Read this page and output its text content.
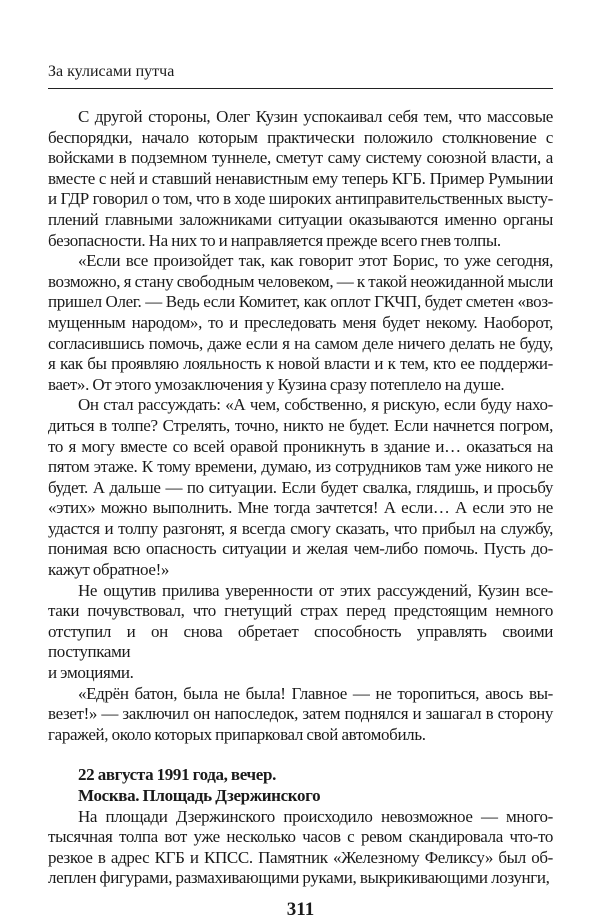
За кулисами путча
С другой стороны, Олег Кузин успокаивал себя тем, что массовые
беспорядки, начало которым практически положило столкновение с
войсками в подземном туннеле, сметут саму систему союзной власти, а
вместе с ней и ставший ненавистным ему теперь КГБ. Пример Румынии
и ГДР говорил о том, что в ходе широких антиправительственных высту-
плений главными заложниками ситуации оказываются именно органы
безопасности. На них то и направляется прежде всего гнев толпы.
«Если все произойдет так, как говорит этот Борис, то уже сегодня,
возможно, я стану свободным человеком, — к такой неожиданной мысли
пришел Олег. — Ведь если Комитет, как оплот ГКЧП, будет сметен «воз-
мущенным народом», то и преследовать меня будет некому. Наоборот,
согласившись помочь, даже если я на самом деле ничего делать не буду,
я как бы проявляю лояльность к новой власти и к тем, кто ее поддержи-
вает». От этого умозаключения у Кузина сразу потеплело на душе.
Он стал рассуждать: «А чем, собственно, я рискую, если буду нахо-
диться в толпе? Стрелять, точно, никто не будет. Если начнется погром,
то я могу вместе со всей оравой проникнуть в здание и… оказаться на
пятом этаже. К тому времени, думаю, из сотрудников там уже никого не
будет. А дальше — по ситуации. Если будет свалка, глядишь, и просьбу
«этих» можно выполнить. Мне тогда зачтется! А если… А если это не
удастся и толпу разгонят, я всегда смогу сказать, что прибыл на службу,
понимая всю опасность ситуации и желая чем-либо помочь. Пусть до-
кажут обратное!»
Не ощутив прилива уверенности от этих рассуждений, Кузин все-
таки почувствовал, что гнетущий страх перед предстоящим немного
отступил и он снова обретает способность управлять своими поступками
и эмоциями.
«Едрён батон, была не была! Главное — не торопиться, авось вы-
везет!» — заключил он напоследок, затем поднялся и зашагал в сторону
гаражей, около которых припарковал свой автомобиль.
22 августа 1991 года, вечер.
Москва. Площадь Дзержинского
На площади Дзержинского происходило невозможное — много-
тысячная толпа вот уже несколько часов с ревом скандировала что-то
резкое в адрес КГБ и КПСС. Памятник «Железному Феликсу» был об-
леплен фигурами, размахивающими руками, выкрикивающими лозунги,
311
